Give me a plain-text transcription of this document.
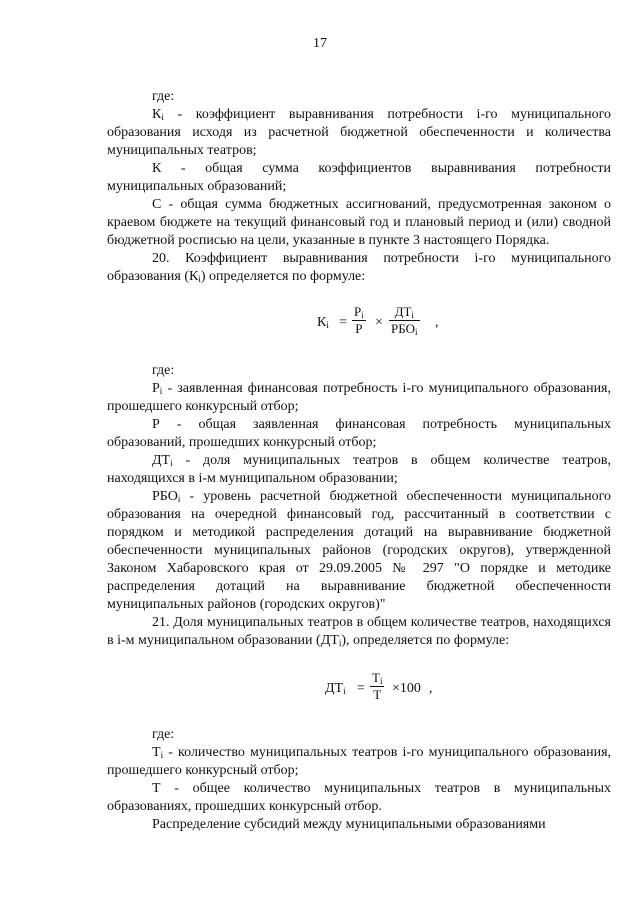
17

где:

$К_i$ - коэффициент выравнивания потребности i-го муниципального образования исходя из расчетной бюджетной обеспеченности и количества муниципальных театров;

К - общая сумма коэффициентов выравнивания потребности муниципальных образований;

С - общая сумма бюджетных ассигнований, предусмотренная законом о краевом бюджете на текущий финансовый год и плановый период и (или) сводной бюджетной росписью на цели, указанные в пункте 3 настоящего Порядка.

20. Коэффициент выравнивания потребности i-го муниципального образования $(К_i)$ определяется по формуле:

$К_i$ =
$Р_i$
Р ×
$ДТ_i$
$РБО_i$
,

где:

$Р_i$ - заявленная финансовая потребность i-го муниципального образования, прошедшего конкурсный отбор;

Р - общая заявленная финансовая потребность муниципальных образований, прошедших конкурсный отбор;

$ДТ_i$ - доля муниципальных театров в общем количестве театров, находящихся в i-м муниципальном образовании;

$РБО_i$ - уровень расчетной бюджетной обеспеченности муниципального образования на очередной финансовый год, рассчитанный в соответствии с порядком и методикой распределения дотаций на выравнивание бюджетной обеспеченности муниципальных районов (городских округов), утвержденной Законом Хабаровского края от 29.09.2005 № 297 "О порядке и методике распределения дотаций на выравнивание бюджетной обеспеченности муниципальных районов (городских округов)"

21. Доля муниципальных театров в общем количестве театров, находящихся в i-м муниципальном образовании $(ДТ_i)$, определяется по формуле:

$ДТ_i$ =
$Т_i$
Т ×100 ,

где:

$Т_i$ - количество муниципальных театров i-го муниципального образования, прошедшего конкурсный отбор;

Т - общее количество муниципальных театров в муниципальных образованиях, прошедших конкурсный отбор.

Распределение субсидий между муниципальными образованиями
